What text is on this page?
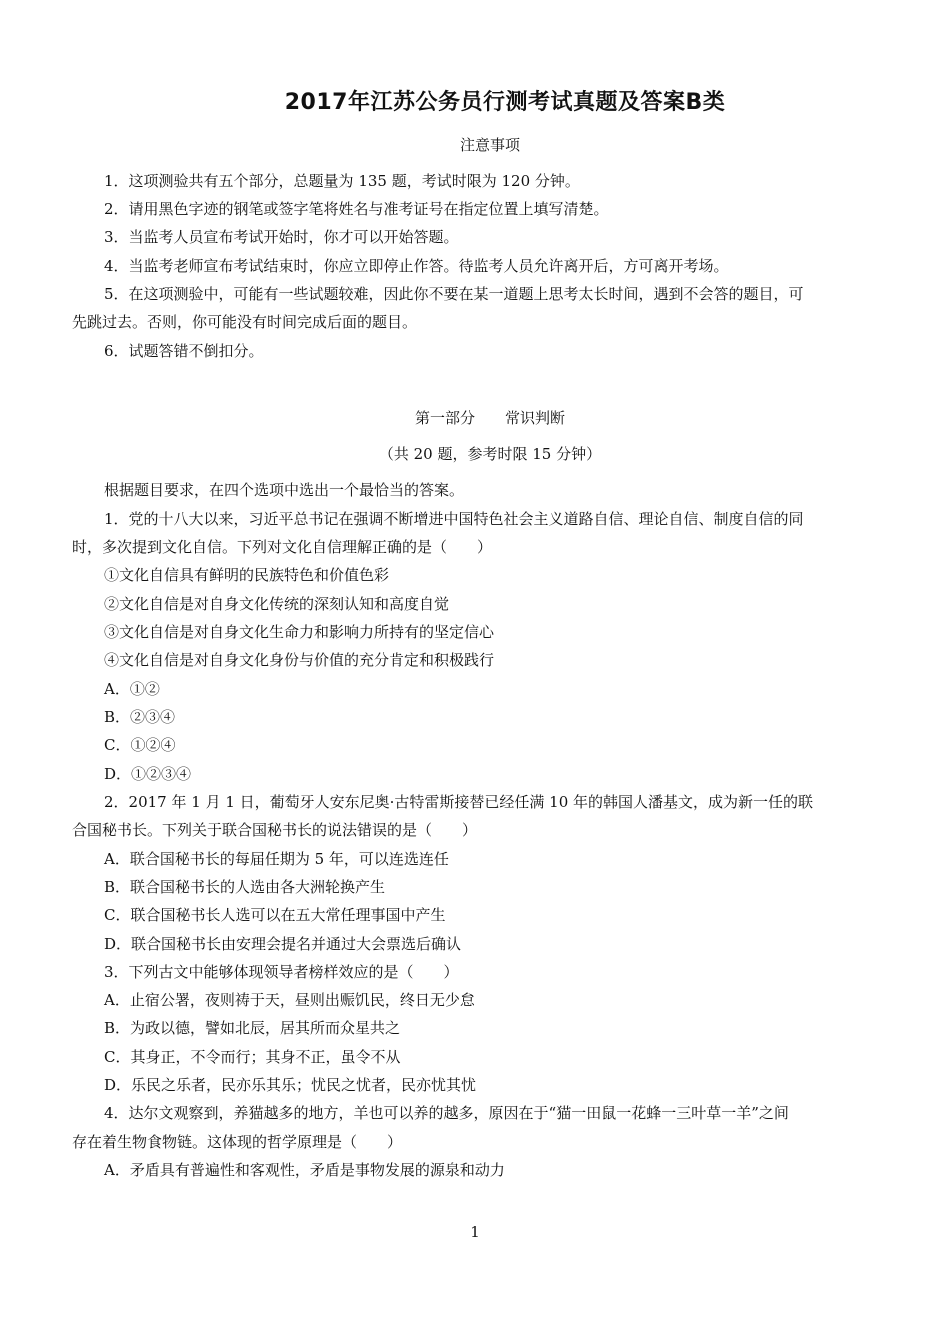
2017年江苏公务员行测考试真题及答案B类
注意事项
1．这项测验共有五个部分，总题量为 135 题，考试时限为 120 分钟。
2．请用黑色字迹的钢笔或签字笔将姓名与准考证号在指定位置上填写清楚。
3．当监考人员宣布考试开始时，你才可以开始答题。
4．当监考老师宣布考试结束时，你应立即停止作答。待监考人员允许离开后，方可离开考场。
5．在这项测验中，可能有一些试题较难，因此你不要在某一道题上思考太长时间，遇到不会答的题目，可
先跳过去。否则，你可能没有时间完成后面的题目。
6．试题答错不倒扣分。
第一部分 常识判断
（共 20 题，参考时限 15 分钟）
根据题目要求，在四个选项中选出一个最恰当的答案。
1．党的十八大以来，习近平总书记在强调不断增进中国特色社会主义道路自信、理论自信、制度自信的同
时，多次提到文化自信。下列对文化自信理解正确的是（　　）
①文化自信具有鲜明的民族特色和价值色彩
②文化自信是对自身文化传统的深刻认知和高度自觉
③文化自信是对自身文化生命力和影响力所持有的坚定信心
④文化自信是对自身文化身份与价值的充分肯定和积极践行
A．①②
B．②③④
C．①②④
D．①②③④
2．2017 年 1 月 1 日，葡萄牙人安东尼奥·古特雷斯接替已经任满 10 年的韩国人潘基文，成为新一任的联
合国秘书长。下列关于联合国秘书长的说法错误的是（　　）
A．联合国秘书长的每届任期为 5 年，可以连选连任
B．联合国秘书长的人选由各大洲轮换产生
C．联合国秘书长人选可以在五大常任理事国中产生
D．联合国秘书长由安理会提名并通过大会票选后确认
3．下列古文中能够体现领导者榜样效应的是（　　）
A．止宿公署，夜则祷于天，昼则出赈饥民，终日无少怠
B．为政以德，譬如北辰，居其所而众星共之
C．其身正，不令而行；其身不正，虽令不从
D．乐民之乐者，民亦乐其乐；忧民之忧者，民亦忧其忧
4．达尔文观察到，养猫越多的地方，羊也可以养的越多，原因在于“猫一田鼠一花蜂一三叶草一羊”之间
存在着生物食物链。这体现的哲学原理是（　　）
A．矛盾具有普遍性和客观性，矛盾是事物发展的源泉和动力
1
